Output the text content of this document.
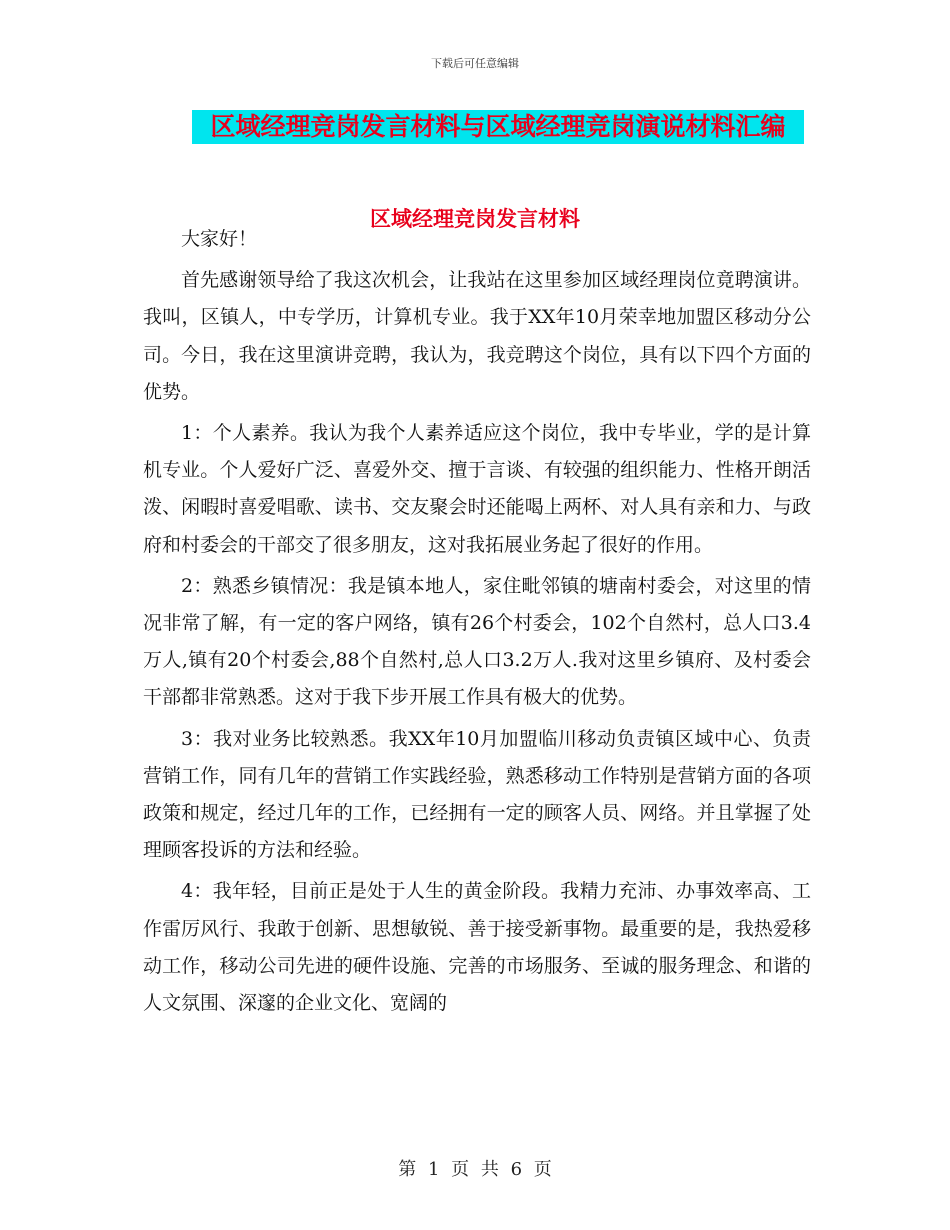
下载后可任意编辑
区域经理竞岗发言材料与区域经理竞岗演说材料汇编
区域经理竞岗发言材料

大家好！

首先感谢领导给了我这次机会，让我站在这里参加区域经理岗位竟聘演讲。我叫，区镇人，中专学历，计算机专业。我于XX年10月荣幸地加盟区移动分公司。今日，我在这里演讲竞聘，我认为，我竞聘这个岗位，具有以下四个方面的优势。

1：个人素养。我认为我个人素养适应这个岗位，我中专毕业，学的是计算机专业。个人爱好广泛、喜爱外交、擅于言谈、有较强的组织能力、性格开朗活泼、闲暇时喜爱唱歌、读书、交友聚会时还能喝上两杯、对人具有亲和力、与政府和村委会的干部交了很多朋友，这对我拓展业务起了很好的作用。

2：熟悉乡镇情况：我是镇本地人，家住毗邻镇的塘南村委会，对这里的情况非常了解，有一定的客户网络，镇有26个村委会，102个自然村，总人口3.4万人,镇有20个村委会,88个自然村,总人口3.2万人.我对这里乡镇府、及村委会干部都非常熟悉。这对于我下步开展工作具有极大的优势。

3：我对业务比较熟悉。我XX年10月加盟临川移动负责镇区域中心、负责营销工作，同有几年的营销工作实践经验，熟悉移动工作特别是营销方面的各项政策和规定，经过几年的工作，已经拥有一定的顾客人员、网络。并且掌握了处理顾客投诉的方法和经验。

4：我年轻，目前正是处于人生的黄金阶段。我精力充沛、办事效率高、工作雷厉风行、我敢于创新、思想敏锐、善于接受新事物。最重要的是，我热爱移动工作，移动公司先进的硬件设施、完善的市场服务、至诚的服务理念、和谐的人文氛围、深邃的企业文化、宽阔的

第 1 页 共 6 页
